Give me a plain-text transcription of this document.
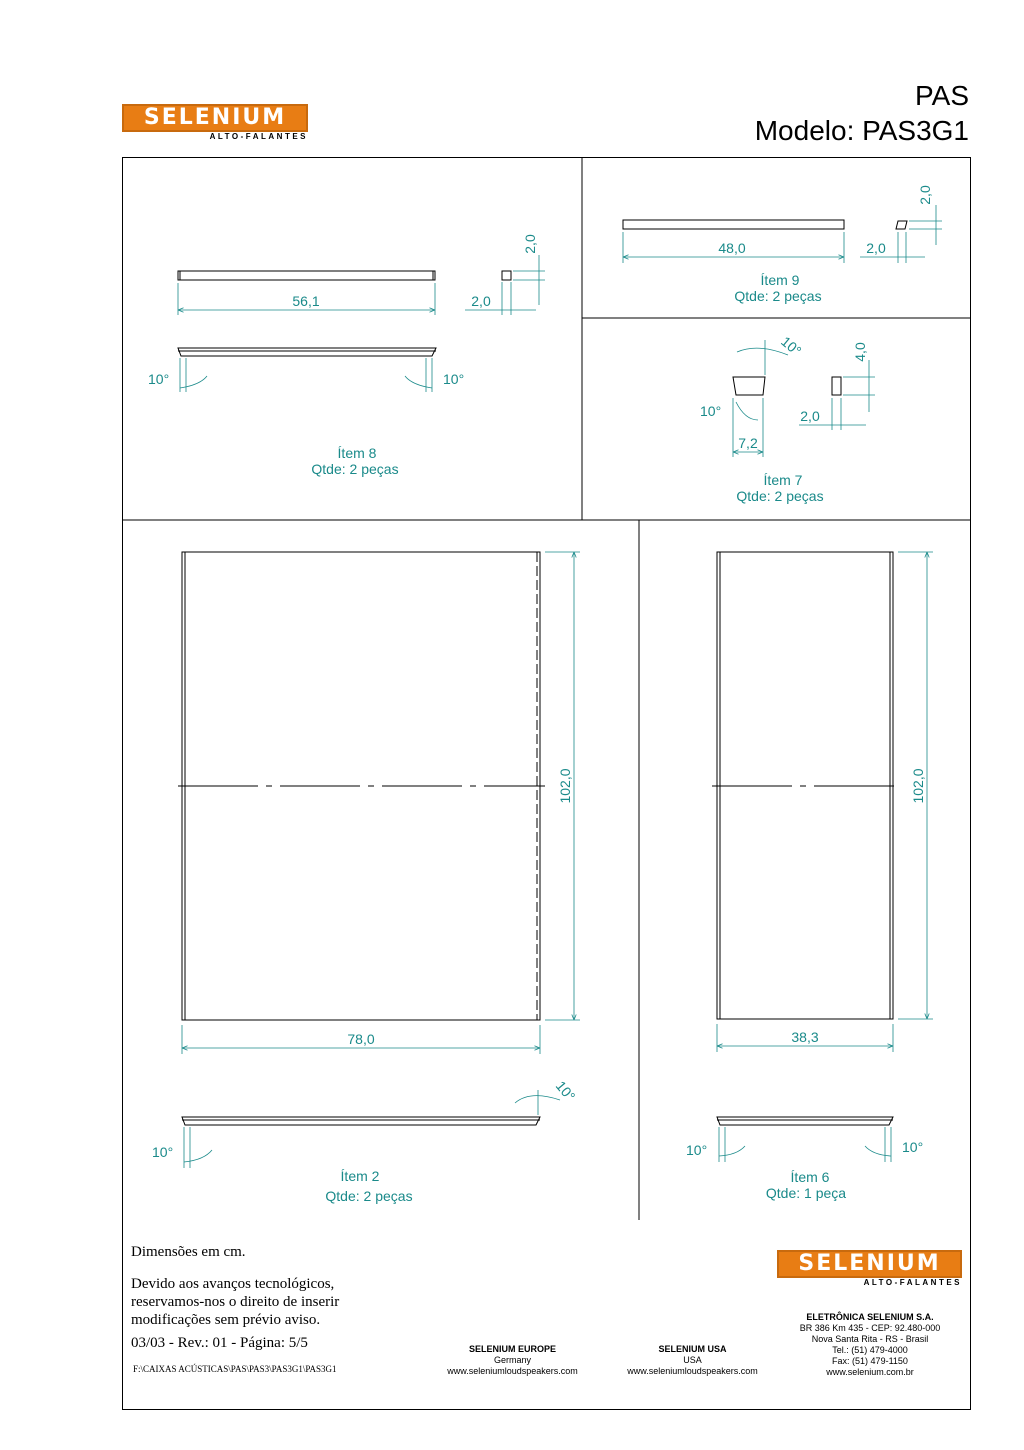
SELENIUM
ALTO-FALANTES
PAS
Modelo: PAS3G1
56,1	2,0
2,0
10°	10°
Ítem 8
Qtde: 2 peças
48,0	2,0
2,0
Ítem 9
Qtde: 2 peças
10°
10°
7,2
2,0
4,0
Ítem 7
Qtde: 2 peças
78,0
102,0
10°
10°
Ítem 2
Qtde: 2 peças
38,3
102,0
10°	10°
Ítem 6
Qtde: 1 peça
Dimensões em cm.
Devido aos avanços tecnológicos,
reservamos-nos o direito de inserir
modificações sem prévio aviso.
03/03 - Rev.: 01 - Página: 5/5
F:\CAIXAS ACÚSTICAS\PAS\PAS3\PAS3G1\PAS3G1
SELENIUM EUROPE
Germany
www.seleniumloudspeakers.com
SELENIUM USA
USA
www.seleniumloudspeakers.com
SELENIUM
ALTO-FALANTES
ELETRÔNICA SELENIUM S.A.
BR 386 Km 435 - CEP: 92.480-000
Nova Santa Rita - RS - Brasil
Tel.: (51) 479-4000
Fax: (51) 479-1150
www.selenium.com.br
